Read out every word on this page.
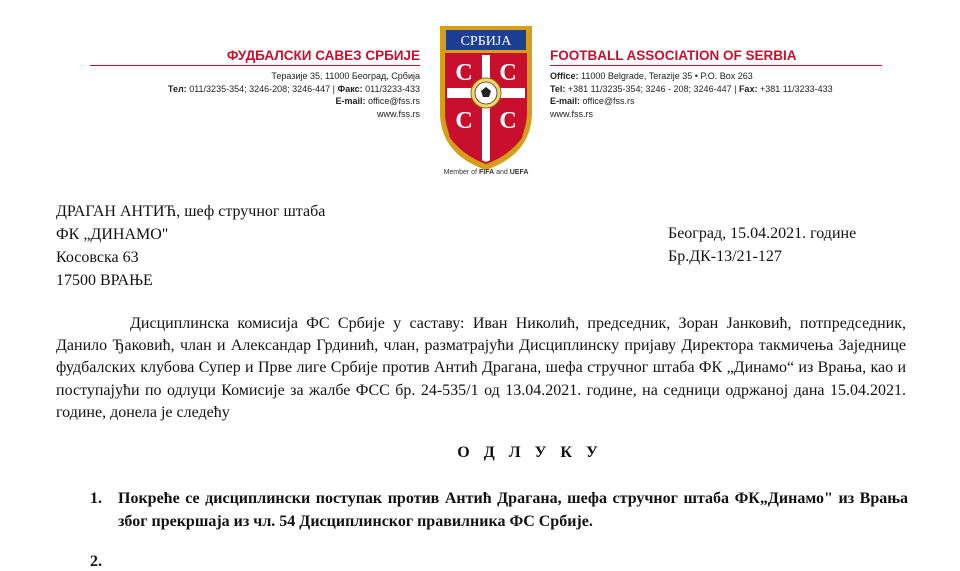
ФУДБАЛСКИ САВЕЗ СРБИЈЕ
Теразије 35, 11000 Београд, Србија
Тел: 011/3235-354; 3246-208; 3246-447 | Факс: 011/3233-433
E-mail: office@fss.rs
www.fss.rs
СРБИЈА
C C
C C
Member of FIFA and UEFA
FOOTBALL ASSOCIATION OF SERBIA
Office: 11000 Belgrade, Terazije 35 • P.O. Box 263
Tel: +381 11/3235-354; 3246 - 208; 3246-447 | Fax: +381 11/3233-433
E-mail: office@fss.rs
www.fss.rs
ДРАГАН АНТИЋ, шеф стручног штаба
ФК „ДИНАМО"
Косовска 63
17500 ВРАЊЕ
Београд, 15.04.2021. године
Бр.ДК-13/21-127
Дисциплинска комисија ФС Србије у саставу: Иван Николић, председник, Зоран Јанковић, потпредседник, Данило Ђаковић, члан и Александар Грдинић, члан, разматрајући Дисциплинску пријаву Директора такмичења Заједнице фудбалских клубова Супер и Прве лиге Србије против Антић Драгана, шефа стручног штаба ФК „Динамо“ из Врања, као и поступајући по одлуци Комисије за жалбе ФСС бр. 24-535/1 од 13.04.2021. године, на седници одржаној дана 15.04.2021. године, донела је следећу
О Д Л У К У
1. Покреће се дисциплински поступак против Антић Драгана, шефа стручног штаба ФК„Динамо" из Врања због прекршаја из чл. 54 Дисциплинског правилника ФС Србије.
2.
